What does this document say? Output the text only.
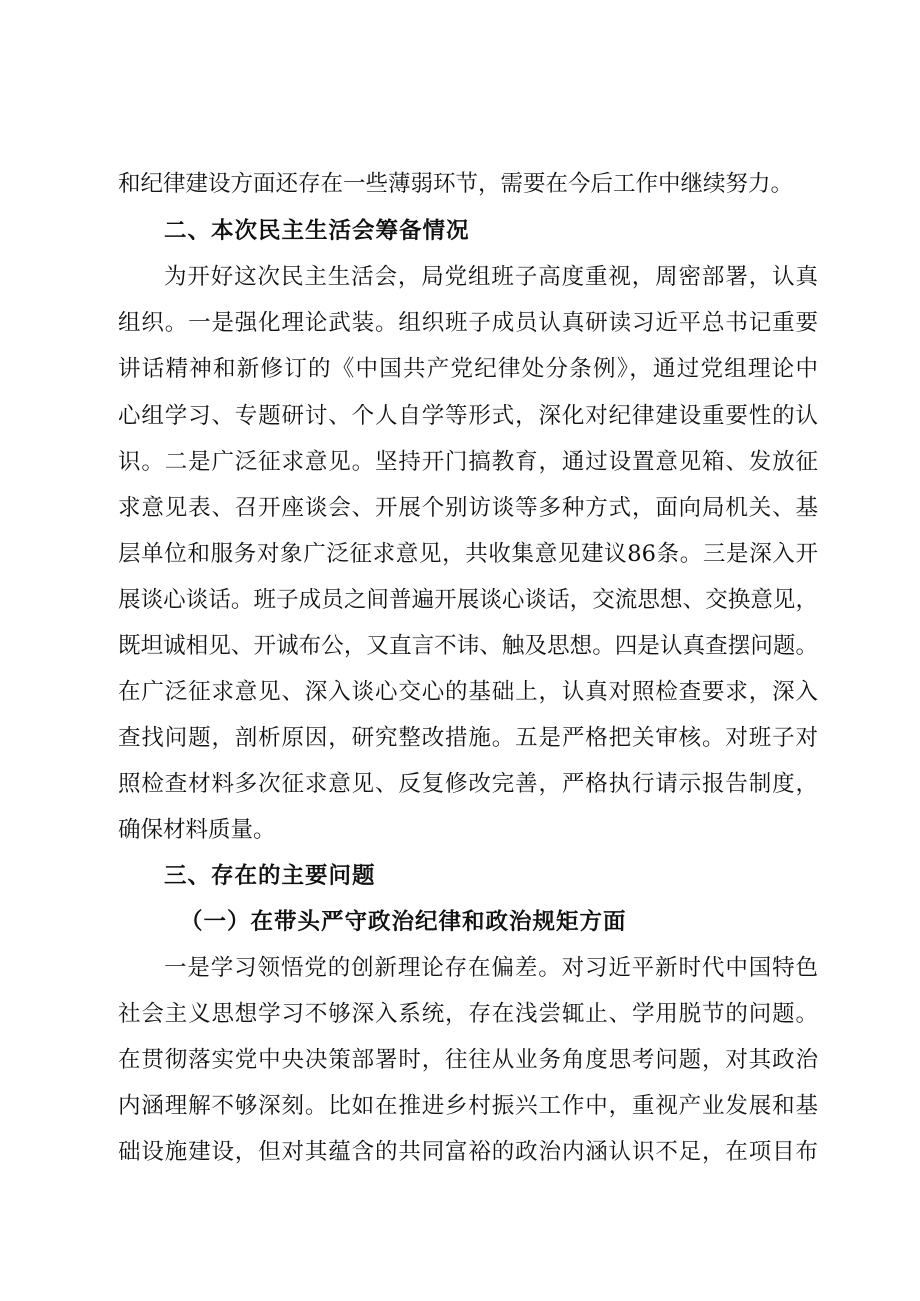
和纪律建设方面还存在一些薄弱环节，需要在今后工作中继续努力。
二、本次民主生活会筹备情况
为开好这次民主生活会，局党组班子高度重视，周密部署，认真
组织。一是强化理论武装。组织班子成员认真研读习近平总书记重要
讲话精神和新修订的《中国共产党纪律处分条例》，通过党组理论中
心组学习、专题研讨、个人自学等形式，深化对纪律建设重要性的认
识。二是广泛征求意见。坚持开门搞教育，通过设置意见箱、发放征
求意见表、召开座谈会、开展个别访谈等多种方式，面向局机关、基
层单位和服务对象广泛征求意见，共收集意见建议86条。三是深入开
展谈心谈话。班子成员之间普遍开展谈心谈话，交流思想、交换意见，
既坦诚相见、开诚布公，又直言不讳、触及思想。四是认真查摆问题。
在广泛征求意见、深入谈心交心的基础上，认真对照检查要求，深入
查找问题，剖析原因，研究整改措施。五是严格把关审核。对班子对
照检查材料多次征求意见、反复修改完善，严格执行请示报告制度，
确保材料质量。
三、存在的主要问题
（一）在带头严守政治纪律和政治规矩方面
一是学习领悟党的创新理论存在偏差。对习近平新时代中国特色
社会主义思想学习不够深入系统，存在浅尝辄止、学用脱节的问题。
在贯彻落实党中央决策部署时，往往从业务角度思考问题，对其政治
内涵理解不够深刻。比如在推进乡村振兴工作中，重视产业发展和基
础设施建设，但对其蕴含的共同富裕的政治内涵认识不足，在项目布
